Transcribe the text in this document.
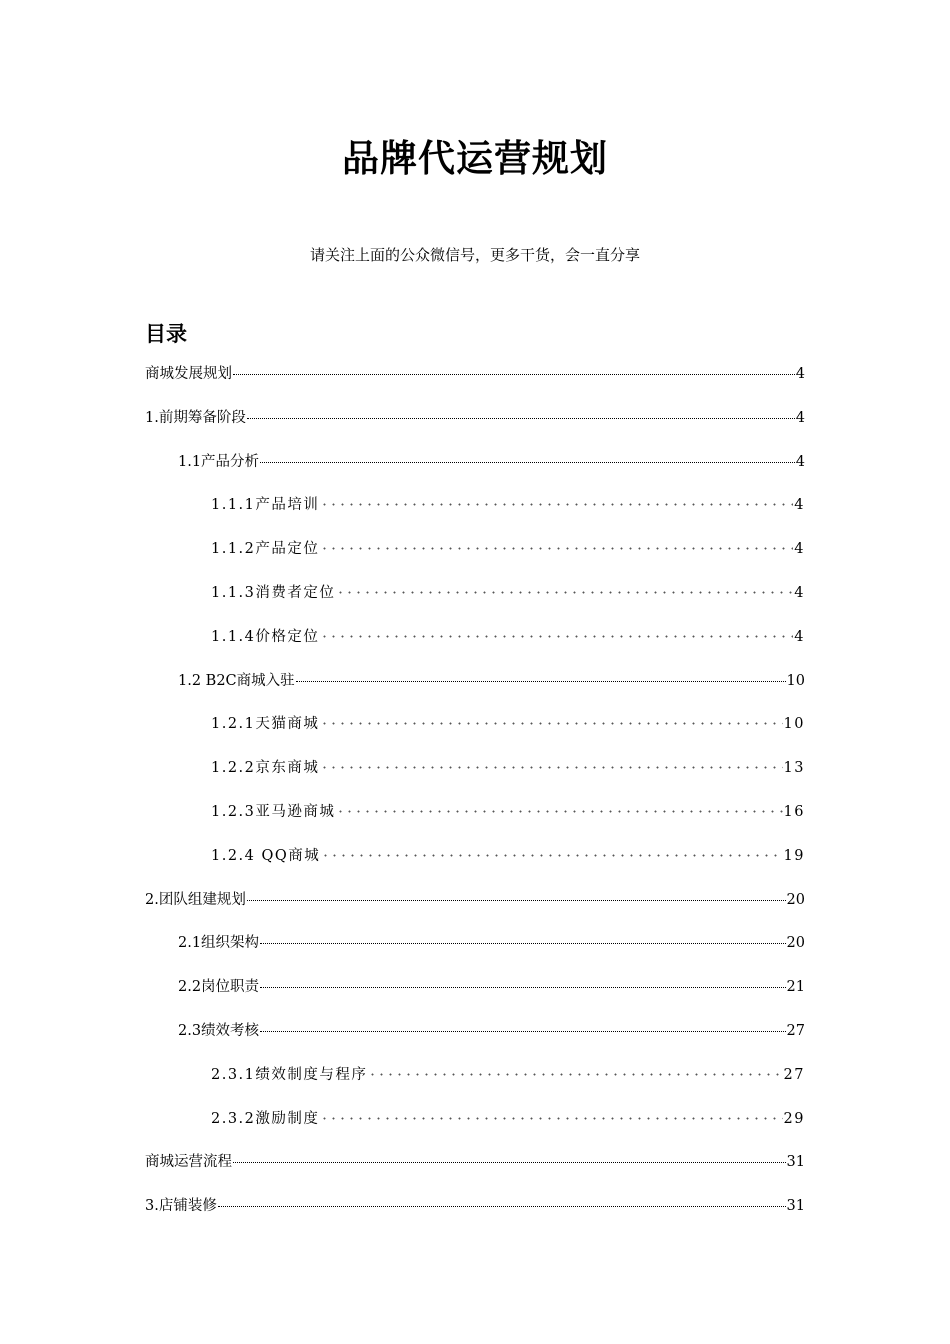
品牌代运营规划
请关注上面的公众微信号，更多干货，会一直分享
目录
商城发展规划	4
1.前期筹备阶段	4
1.1产品分析	4
1.1.1产品培训	4
1.1.2产品定位	4
1.1.3消费者定位	4
1.1.4价格定位	4
1.2 B2C商城入驻	10
1.2.1天猫商城	10
1.2.2京东商城	13
1.2.3亚马逊商城	16
1.2.4 QQ商城	19
2.团队组建规划	20
2.1组织架构	20
2.2岗位职责	21
2.3绩效考核	27
2.3.1绩效制度与程序	27
2.3.2激励制度	29
商城运营流程	31
3.店铺装修	31
